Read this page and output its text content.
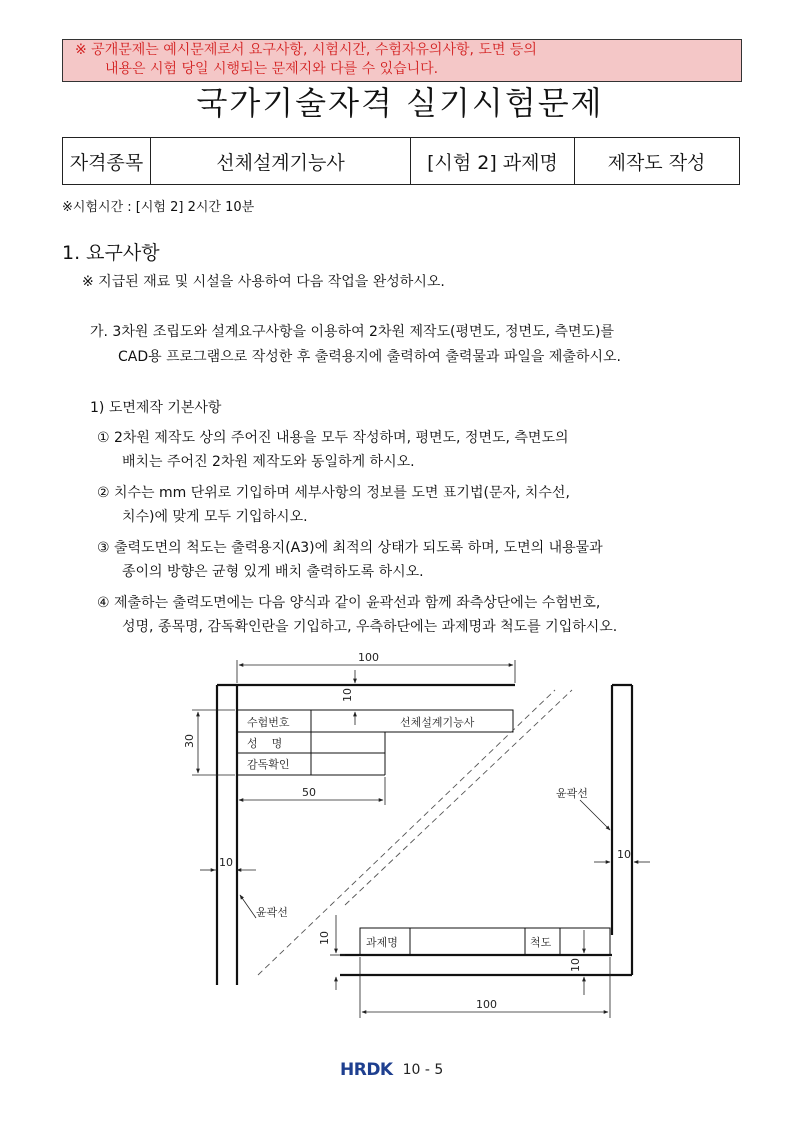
※ 공개문제는 예시문제로서 요구사항, 시험시간, 수험자유의사항, 도면 등의
내용은 시험 당일 시행되는 문제지와 다를 수 있습니다.
국가기술자격 실기시험문제
자격종목	선체설계기능사	[시험 2] 과제명	제작도 작성
※시험시간 : [시험 2] 2시간 10분
1. 요구사항
※ 지급된 재료 및 시설을 사용하여 다음 작업을 완성하시오.
가. 3차원 조립도와 설계요구사항을 이용하여 2차원 제작도(평면도, 정면도, 측면도)를
CAD용 프로그램으로 작성한 후 출력용지에 출력하여 출력물과 파일을 제출하시오.
1) 도면제작 기본사항
① 2차원 제작도 상의 주어진 내용을 모두 작성하며, 평면도, 정면도, 측면도의
배치는 주어진 2차원 제작도와 동일하게 하시오.
② 치수는 mm 단위로 기입하며 세부사항의 정보를 도면 표기법(문자, 치수선,
치수)에 맞게 모두 기입하시오.
③ 출력도면의 척도는 출력용지(A3)에 최적의 상태가 되도록 하며, 도면의 내용물과
종이의 방향은 균형 있게 배치 출력하도록 하시오.
④ 제출하는 출력도면에는 다음 양식과 같이 윤곽선과 함께 좌측상단에는 수험번호,
성명, 종목명, 감독확인란을 기입하고, 우측하단에는 과제명과 척도를 기입하시오.
수험번호	선체설계기능사
성    명
감독확인
과제명	척도
100
10
30
50
10
10
윤곽선
윤곽선
10
10
100
HRDK 10 - 5
